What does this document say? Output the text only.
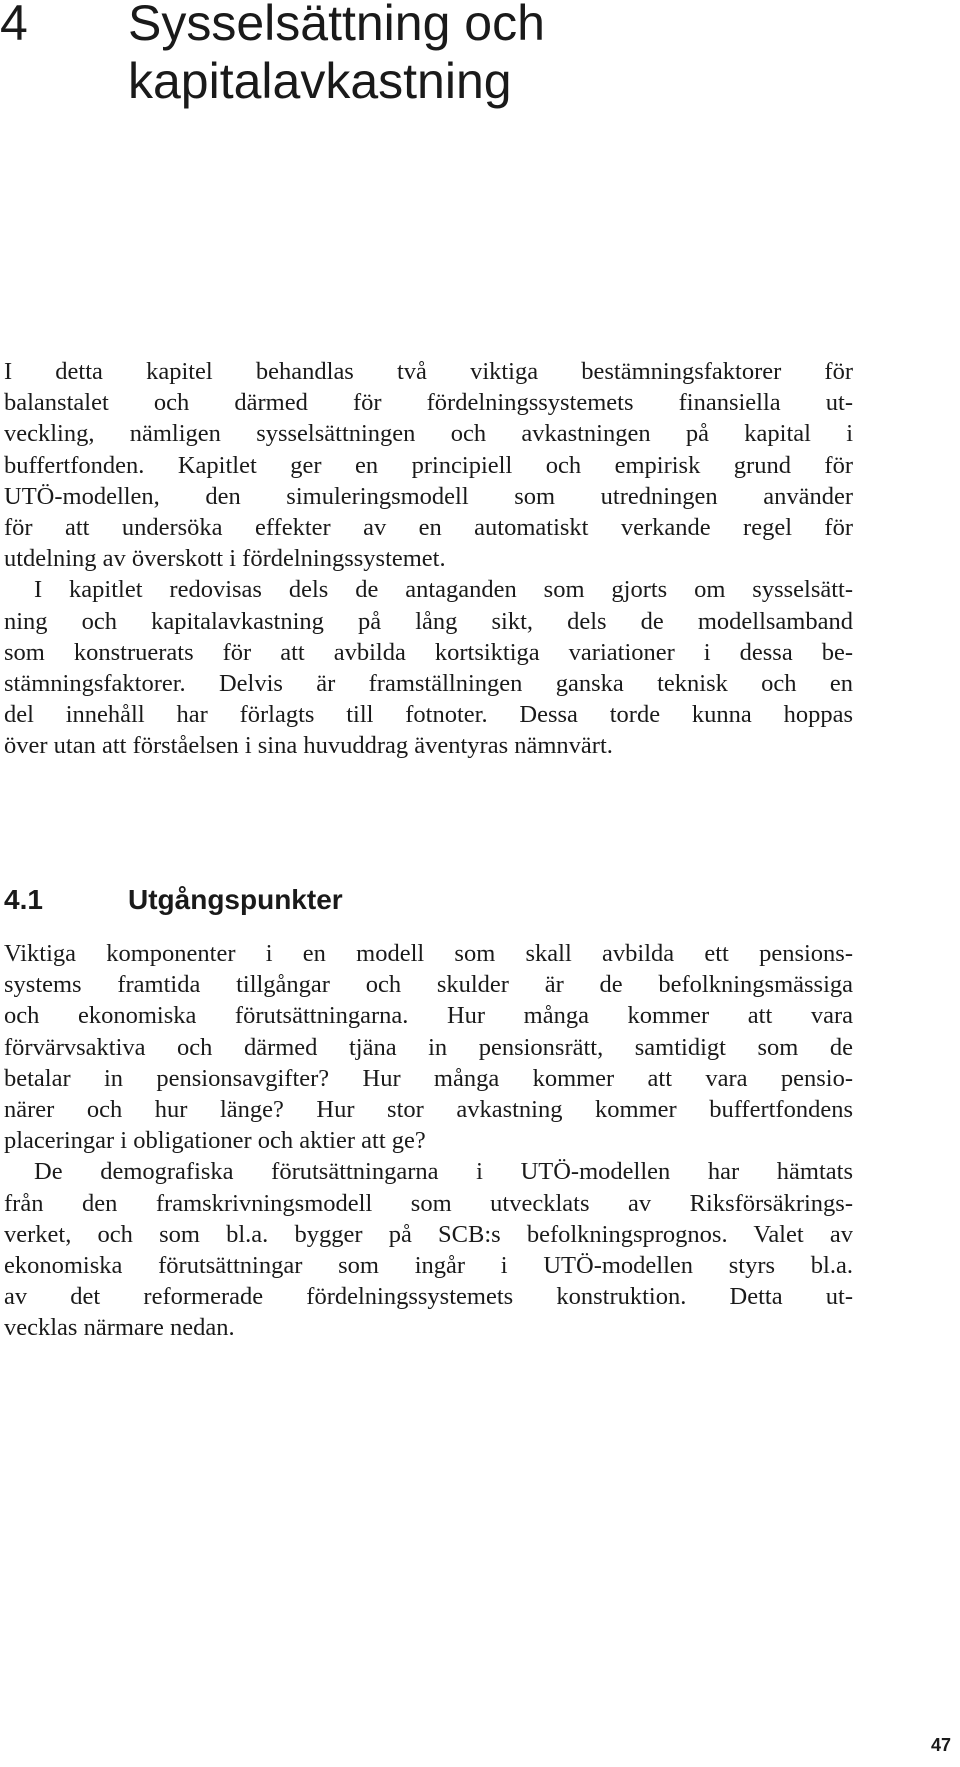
4 Sysselsättning och
kapitalavkastning

I detta kapitel behandlas två viktiga bestämningsfaktorer för
balanstalet och därmed för fördelningssystemets finansiella ut-
veckling, nämligen sysselsättningen och avkastningen på kapital i
buffertfonden. Kapitlet ger en principiell och empirisk grund för
UTÖ-modellen, den simuleringsmodell som utredningen använder
för att undersöka effekter av en automatiskt verkande regel för
utdelning av överskott i fördelningssystemet.

I kapitlet redovisas dels de antaganden som gjorts om sysselsätt-
ning och kapitalavkastning på lång sikt, dels de modellsamband
som konstruerats för att avbilda kortsiktiga variationer i dessa be-
stämningsfaktorer. Delvis är framställningen ganska teknisk och en
del innehåll har förlagts till fotnoter. Dessa torde kunna hoppas
över utan att förståelsen i sina huvuddrag äventyras nämnvärt.

4.1	Utgångspunkter

Viktiga komponenter i en modell som skall avbilda ett pensions-
systems framtida tillgångar och skulder är de befolkningsmässiga
och ekonomiska förutsättningarna. Hur många kommer att vara
förvärvsaktiva och därmed tjäna in pensionsrätt, samtidigt som de
betalar in pensionsavgifter? Hur många kommer att vara pensio-
närer och hur länge? Hur stor avkastning kommer buffertfondens
placeringar i obligationer och aktier att ge?

De demografiska förutsättningarna i UTÖ-modellen har hämtats
från den framskrivningsmodell som utvecklats av Riksförsäkrings-
verket, och som bl.a. bygger på SCB:s befolkningsprognos. Valet av
ekonomiska förutsättningar som ingår i UTÖ-modellen styrs bl.a.
av det reformerade fördelningssystemets konstruktion. Detta ut-
vecklas närmare nedan.

47
